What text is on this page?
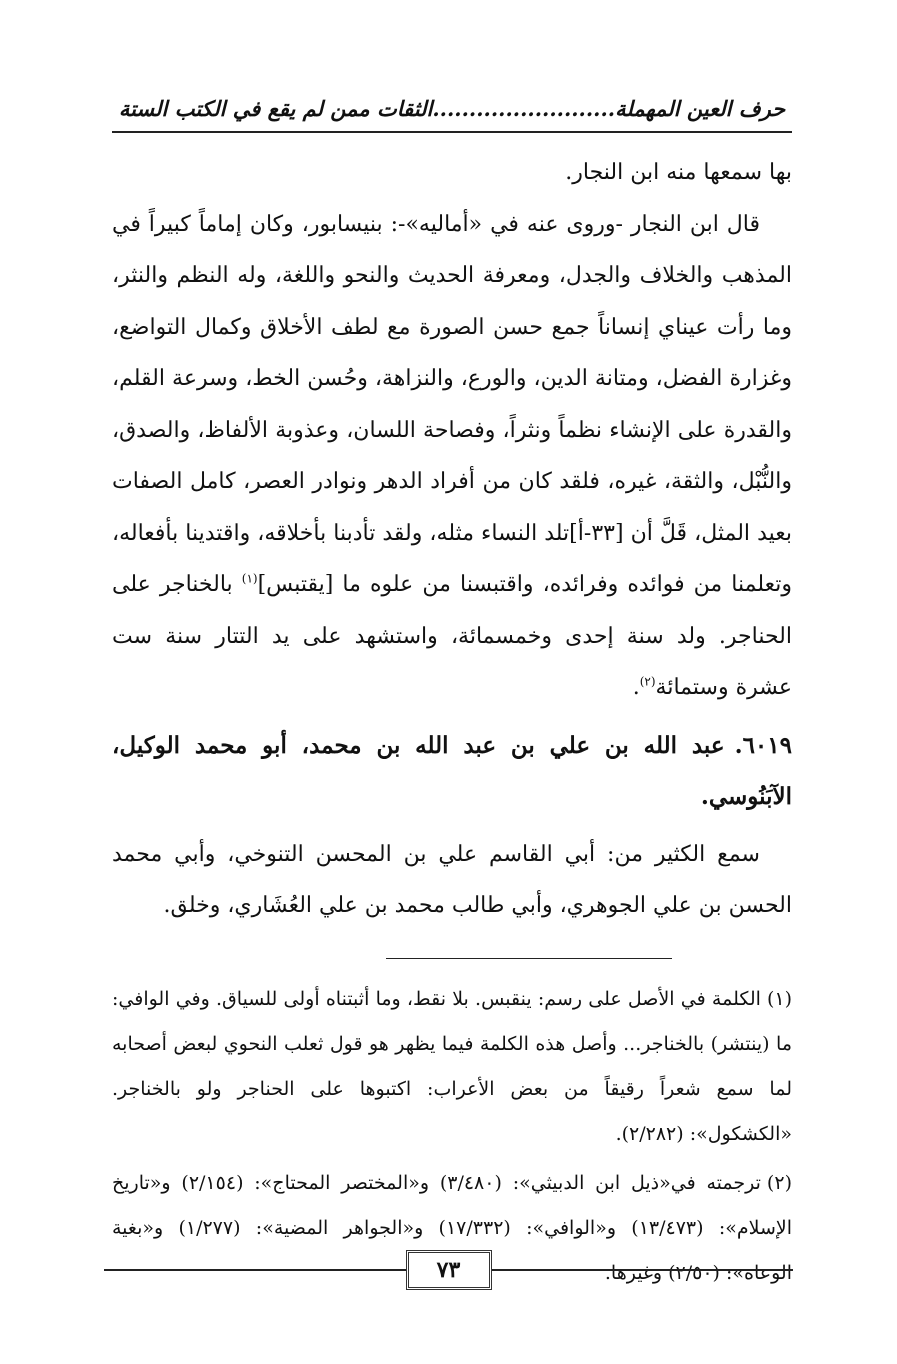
حرف العين المهملة.........................الثقات ممن لم يقع في الكتب الستة

بها سمعها منه ابن النجار.

قال ابن النجار -وروى عنه في «أماليه»-: بنيسابور، وكان إماماً كبيراً في المذهب والخلاف والجدل، ومعرفة الحديث والنحو واللغة، وله النظم والنثر، وما رأت عيناي إنساناً جمع حسن الصورة مع لطف الأخلاق وكمال التواضع، وغزارة الفضل، ومتانة الدين، والورع، والنزاهة، وحُسن الخط، وسرعة القلم، والقدرة على الإنشاء نظماً ونثراً، وفصاحة اللسان، وعذوبة الألفاظ، والصدق، والنُّبْل، والثقة، غيره، فلقد كان من أفراد الدهر ونوادر العصر، كامل الصفات بعيد المثل، قَلَّ أن [٣٣-أ]تلد النساء مثله، ولقد تأدبنا بأخلاقه، واقتدينا بأفعاله، وتعلمنا من فوائده وفرائده، واقتبسنا من علوه ما [يقتبس]$^{(١)}$ بالخناجر على الحناجر. ولد سنة إحدى وخمسمائة، واستشهد على يد التتار سنة ست عشرة وستمائة$^{(٢)}$.

٦٠١٩.عبد الله بن علي بن عبد الله بن محمد، أبو محمد الوكيل، الآبَنُوسي.

سمع الكثير من: أبي القاسم علي بن المحسن التنوخي، وأبي محمد الحسن بن علي الجوهري، وأبي طالب محمد بن علي العُشَاري، وخلق.

(١)الكلمة في الأصل على رسم: ينقبس. بلا نقط، وما أثبتناه أولى للسياق. وفي الوافي: ما (ينتشر) بالخناجر... وأصل هذه الكلمة فيما يظهر هو قول ثعلب النحوي لبعض أصحابه لما سمع شعراً رقيقاً من بعض الأعراب: اكتبوها على الحناجر ولو بالخناجر. «الكشكول»: (٢/٢٨٢).

(٢)ترجمته في«ذيل ابن الدبيثي»: (٣/٤٨٠) و«المختصر المحتاج»: (٢/١٥٤) و«تاريخ الإسلام»: (١٣/٤٧٣) و«الوافي»: (١٧/٣٣٢) و«الجواهر المضية»: (١/٢٧٧) و«بغية الوعاة»: (٢/٥٠) وغيرها.

٧٣
